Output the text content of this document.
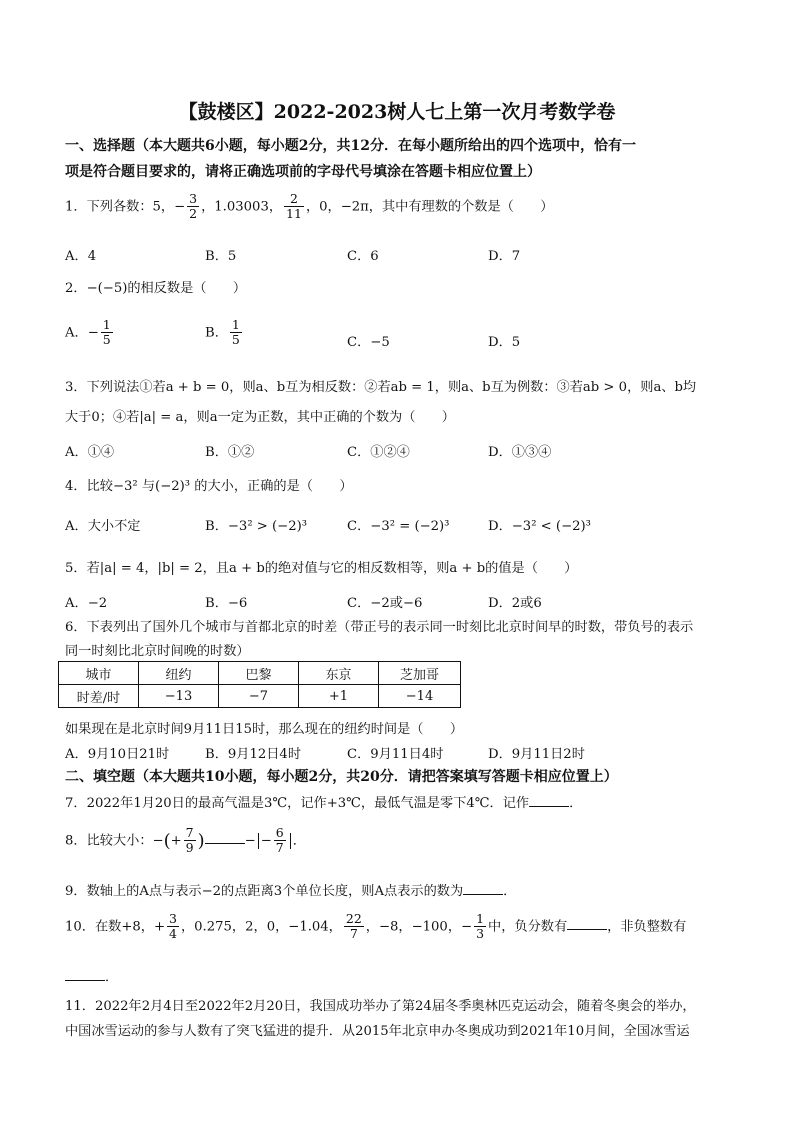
【鼓楼区】2022-2023树人七上第一次月考数学卷
一、选择题（本大题共6小题，每小题2分，共12分．在每小题所给出的四个选项中，恰有一
项是符合题目要求的，请将正确选项前的字母代号填涂在答题卡相应位置上）
1．下列各数：5，− $\frac{3}{2}$ ，1.03003， $\frac{2}{11}$ ，0，−2π，其中有理数的个数是（　　）
A．4	B．5	C．6	D．7
2．−(−5)的相反数是（　　）
A．− $\frac{1}{5}$	B． $\frac{1}{5}$	C．−5	D．5
3．下列说法①若a + b = 0，则a、b互为相反数：②若ab = 1，则a、b互为例数：③若ab > 0，则a、b均
大于0；④若|a| = a，则a一定为正数，其中正确的个数为（　　）
A．①④	B．①②	C．①②④	D．①③④
4．比较−3² 与(−2)³ 的大小，正确的是（　　）
A．大小不定	B．−3² > (−2)³	C．−3² = (−2)³	D．−3² < (−2)³
5．若|a| = 4，|b| = 2，且a + b的绝对值与它的相反数相等，则a + b的值是（　　）
A．−2	B．−6	C．−2或−6	D．2或6
6．下表列出了国外几个城市与首都北京的时差（带正号的表示同一时刻比北京时间早的时数，带负号的表示
同一时刻比北京时间晚的时数）
城市	纽约	巴黎	东京	芝加哥
时差/时	−13	−7	+1	−14
如果现在是北京时间9月11日15时，那么现在的纽约时间是（　　）
A．9月10日21时	B．9月12日4时	C．9月11日4时	D．9月11日2时
二、填空题（本大题共10小题，每小题2分，共20分．请把答案填写答题卡相应位置上）
7．2022年1月20日的最高气温是3℃，记作+3℃，最低气温是零下4℃．记作	．
8．比较大小：−(+ $\frac{7}{9}$ )	− − $\frac{6}{7}$ ．
9．数轴上的A点与表示−2的点距离3个单位长度，则A点表示的数为	．
10．在数+8，+ $\frac{3}{4}$ ，0.275，2，0，−1.04， $\frac{22}{7}$ ，−8，−100，− $\frac{1}{3}$ 中，负分数有	，非负整数有
．
11．2022年2月4日至2022年2月20日，我国成功举办了第24届冬季奥林匹克运动会，随着冬奥会的举办，
中国冰雪运动的参与人数有了突飞猛进的提升．从2015年北京申办冬奥成功到2021年10月间，全国冰雪运
